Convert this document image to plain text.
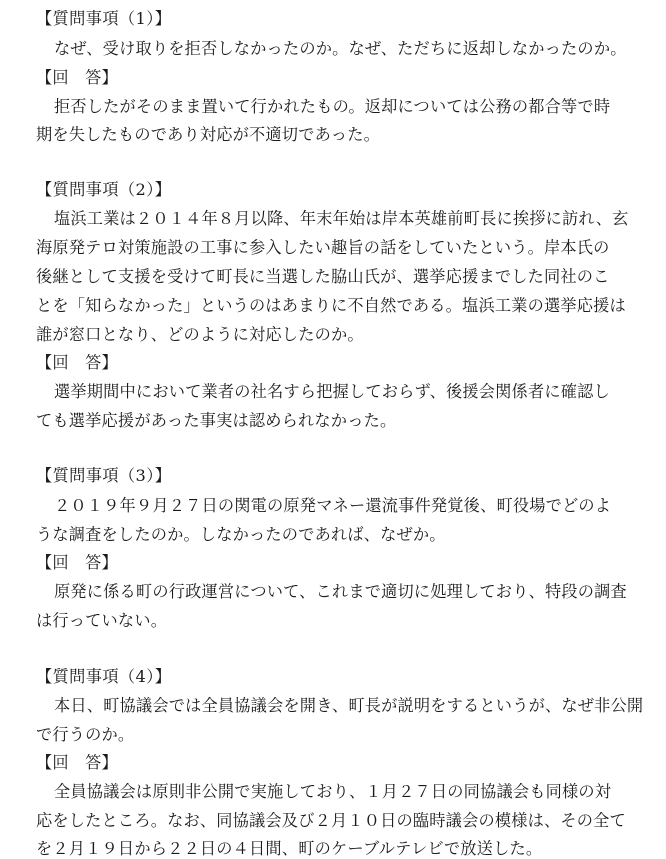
【質問事項（1）】
なぜ、受け取りを拒否しなかったのか。なぜ、ただちに返却しなかったのか。
【回　答】
拒否したがそのまま置いて行かれたもの。返却については公務の都合等で時
期を失したものであり対応が不適切であった。
【質問事項（2）】
塩浜工業は２０１４年８月以降、年末年始は岸本英雄前町長に挨拶に訪れ、玄
海原発テロ対策施設の工事に参入したい趣旨の話をしていたという。岸本氏の
後継として支援を受けて町長に当選した脇山氏が、選挙応援までした同社のこ
とを「知らなかった」というのはあまりに不自然である。塩浜工業の選挙応援は
誰が窓口となり、どのように対応したのか。
【回　答】
選挙期間中において業者の社名すら把握しておらず、後援会関係者に確認し
ても選挙応援があった事実は認められなかった。
【質問事項（3）】
２０１９年９月２７日の関電の原発マネー還流事件発覚後、町役場でどのよ
うな調査をしたのか。しなかったのであれば、なぜか。
【回　答】
原発に係る町の行政運営について、これまで適切に処理しており、特段の調査
は行っていない。
【質問事項（4）】
本日、町協議会では全員協議会を開き、町長が説明をするというが、なぜ非公開
で行うのか。
【回　答】
全員協議会は原則非公開で実施しており、１月２７日の同協議会も同様の対
応をしたところ。なお、同協議会及び２月１０日の臨時議会の模様は、その全て
を２月１９日から２２日の４日間、町のケーブルテレビで放送した。
